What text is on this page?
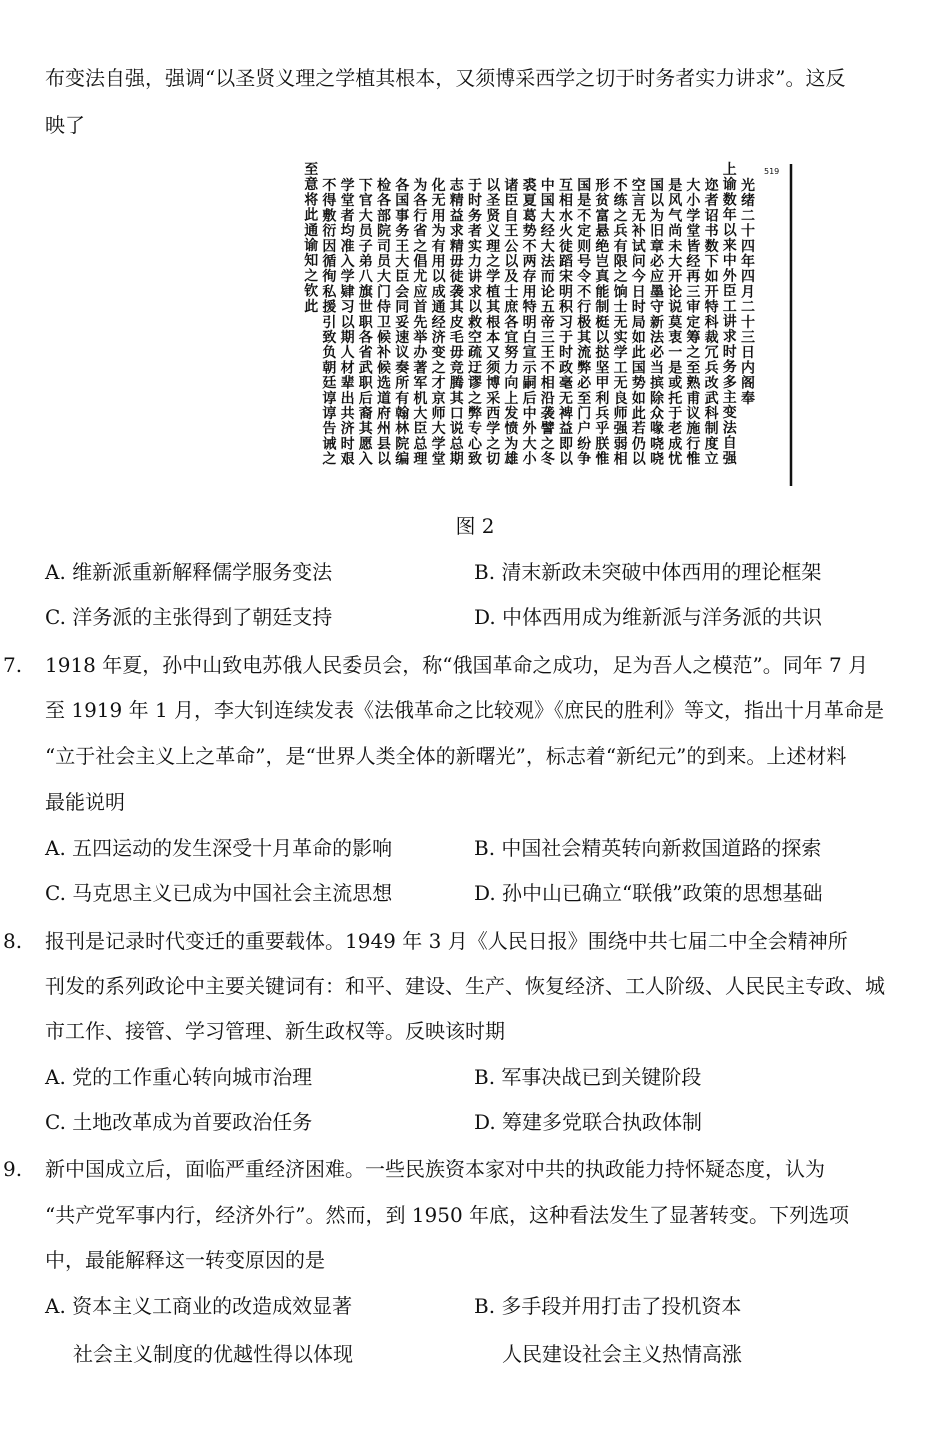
布变法自强，强调“以圣贤义理之学植其根本，又须博采西学之切于时务者实力讲求”。这反
映了
519
光绪二十四年四月二十三日内阁奉
上谕数年以来中外臣工讲求时务多主变法自强
迩者诏书数下如开特科裁冗兵改武科制度立
大小学堂皆经再三审定筹之至熟甫议施行惟
是风气尚未大开论说莫衷一是或托于老成忧
国以为旧章必应墨守新法必当摈除众喙哓哓
空言无补试问今日时局如此国势如此若仍以
不练之兵有限之饷士无实学工无良师强弱相
形贫富悬绝岂真能制梃以挞坚甲利兵乎朕惟
国是不定则号令不行极其流弊必至门户纷争
互相水火徒蹈宋明积习于时政毫无裨益即以
中国大经大法而论五帝三王不相沿袭譬之冬
裘夏葛势不两存用特明白宣示嗣后中外大小
诸臣自王公以及士庶各宜努力向上发愤为雄
以圣贤义理之学植其根本又须博采西学之切
于时务者实力讲求以救空疏迂谬之弊专心致
志精益求精毋徒袭其皮毛毋竞腾其口说总期
化无用为有用以成通经济变之才京师大学堂
为各行省之倡尤应首先举办著军机大臣总理
各国事务王大臣会同妥速议奏所有翰林院编
检各部院司员大门侍卫候补候选道府州县以
下官大员子弟八旗世职各省武职后裔其愿入
学堂者均准入学肄习以期人材辈出共济时艰
不得敷衍因循徇私援引致负朝廷谆谆告诫之
至意将此通谕知之钦此
图 2
A. 维新派重新解释儒学服务变法	B. 清末新政未突破中体西用的理论框架
C. 洋务派的主张得到了朝廷支持	D. 中体西用成为维新派与洋务派的共识
7. 1918 年夏，孙中山致电苏俄人民委员会，称“俄国革命之成功，足为吾人之模范”。同年 7 月
至 1919 年 1 月，李大钊连续发表《法俄革命之比较观》《庶民的胜利》等文，指出十月革命是
“立于社会主义上之革命”，是“世界人类全体的新曙光”，标志着“新纪元”的到来。上述材料
最能说明
A. 五四运动的发生深受十月革命的影响	B. 中国社会精英转向新救国道路的探索
C. 马克思主义已成为中国社会主流思想	D. 孙中山已确立“联俄”政策的思想基础
8. 报刊是记录时代变迁的重要载体。1949 年 3 月《人民日报》围绕中共七届二中全会精神所
刊发的系列政论中主要关键词有：和平、建设、生产、恢复经济、工人阶级、人民民主专政、城
市工作、接管、学习管理、新生政权等。反映该时期
A. 党的工作重心转向城市治理	B. 军事决战已到关键阶段
C. 土地改革成为首要政治任务	D. 筹建多党联合执政体制
9. 新中国成立后，面临严重经济困难。一些民族资本家对中共的执政能力持怀疑态度，认为
“共产党军事内行，经济外行”。然而，到 1950 年底，这种看法发生了显著转变。下列选项
中，最能解释这一转变原因的是
A. 资本主义工商业的改造成效显著	B. 多手段并用打击了投机资本
社会主义制度的优越性得以体现	人民建设社会主义热情高涨
